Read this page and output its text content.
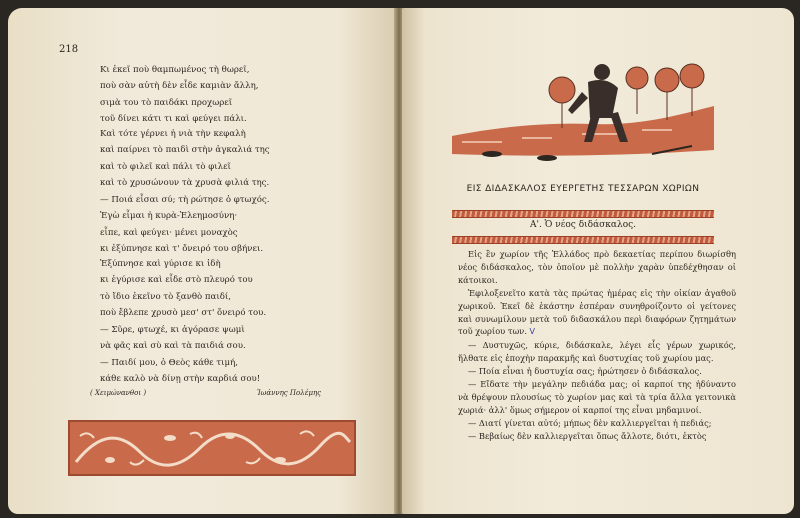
218
Κι ἐκεῖ ποὺ θαμπωμένος τὴ θωρεῖ,
ποὺ σὰν αὐτὴ δὲν εἶδε καμιὰν ἄλλη,
σιμὰ του τὸ παιδάκι προχωρεῖ
τοῦ δίνει κάτι τι καὶ φεύγει πάλι.
Καὶ τότε γέρνει ἡ νιὰ τὴν κεφαλὴ
καὶ παίρνει τὸ παιδὶ στὴν ἀγκαλιά της
καὶ τὸ φιλεῖ καὶ πάλι τὸ φιλεῖ
καὶ τὸ χρυσώνουν τὰ χρυσὰ φιλιά της.
— Ποιά εἶσαι σύ; τὴ ρώτησε ὁ φτωχός.
Ἐγὼ εἶμαι ἡ κυρὰ-Ἐλεημοσύνη·
εἶπε, καὶ φεύγει· μένει μοναχὸς
κι ἐξύπνησε καὶ τ' ὄνειρό του σβήνει.
Ἐξύπνησε καὶ γύρισε κι ἰδὴ
κι ἐγύρισε καὶ εἶδε στὸ πλευρό του
τὸ ἴδιο ἐκεῖνο τὸ ξανθὸ παιδί,
ποὺ ἔβλεπε χρυσὸ μεσ' στ' ὄνειρό του.
— Σῦρε, φτωχέ, κι ἀγόρασε ψωμὶ
νὰ φᾶς καὶ σὺ καὶ τὰ παιδιά σου.
— Παιδί μου, ὁ Θεὸς κάθε τιμή,
κάθε καλὸ νὰ δίνῃ στὴν καρδιά σου!
( Χειμώνανθοι )	Ἰωάννης Πολέμης
ΕΙΣ ΔΙΔΑΣΚΑΛΟΣ ΕΥΕΡΓΕΤΗΣ ΤΕΣΣΑΡΩΝ ΧΩΡΙΩΝ
Α'. Ὁ νέος διδάσκαλος.

Εἰς ἓν χωρίον τῆς Ἑλλάδος πρὸ δεκαετίας περίπου διωρίσθη νέος διδάσκαλος, τὸν ὁποῖον μὲ πολλὴν χαρὰν ὑπεδέχθησαν οἱ κάτοικοι.

Ἐφιλοξενεῖτο κατὰ τὰς πρώτας ἡμέρας εἰς τὴν οἰκίαν ἀγαθοῦ χωρικοῦ. Ἐκεῖ δὲ ἑκάστην ἑσπέραν συνηθροίζοντο οἱ γείτονες καὶ συνωμίλουν μετὰ τοῦ διδασκάλου περὶ διαφόρων ζητημάτων τοῦ χωρίου των. V

— Δυστυχῶς, κύριε, διδάσκαλε, λέγει εἷς γέρων χωρικός, ἤλθατε εἰς ἐποχὴν παρακμῆς καὶ δυστυχίας τοῦ χωρίου μας.

— Ποία εἶναι ἡ δυστυχία σας; ἠρώτησεν ὁ διδάσκαλος.

— Εἴδατε τὴν μεγάλην πεδιάδα μας; οἱ καρποί της ἠδύναντο νὰ θρέψουν πλουσίως τὸ χωρίον μας καὶ τὰ τρία ἄλλα γειτονικὰ χωριά· ἀλλ' ὅμως σήμερον οἱ καρποί της εἶναι μηδαμινοί.

— Διατί γίνεται αὐτό; μήπως δὲν καλλιεργεῖται ἡ πεδιάς;

— Βεβαίως δὲν καλλιεργεῖται ὅπως ἄλλοτε, διότι, ἐκτὸς
